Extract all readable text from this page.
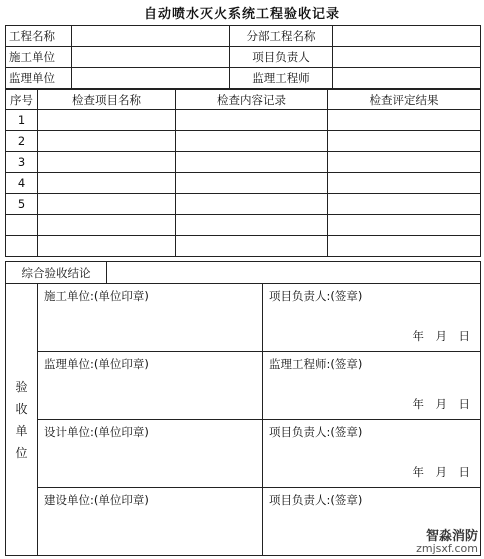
自动喷水灭火系统工程验收记录
工程名称		分部工程名称	
施工单位		项目负责人	
监理单位		监理工程师	
序号	检查项目名称	检查内容记录	检查评定结果
1			
2			
3			
4			
5			

综合验收结论			
验
收
单
位	施工单位:(单位印章)		项目负责人:(签章)
年　月　日

	监理单位:(单位印章)		监理工程师:(签章)
年　月　日

	设计单位:(单位印章)		项目负责人:(签章)
年　月　日

	建设单位:(单位印章)		项目负责人:(签章)
智淼消防
zmjsxf.com
